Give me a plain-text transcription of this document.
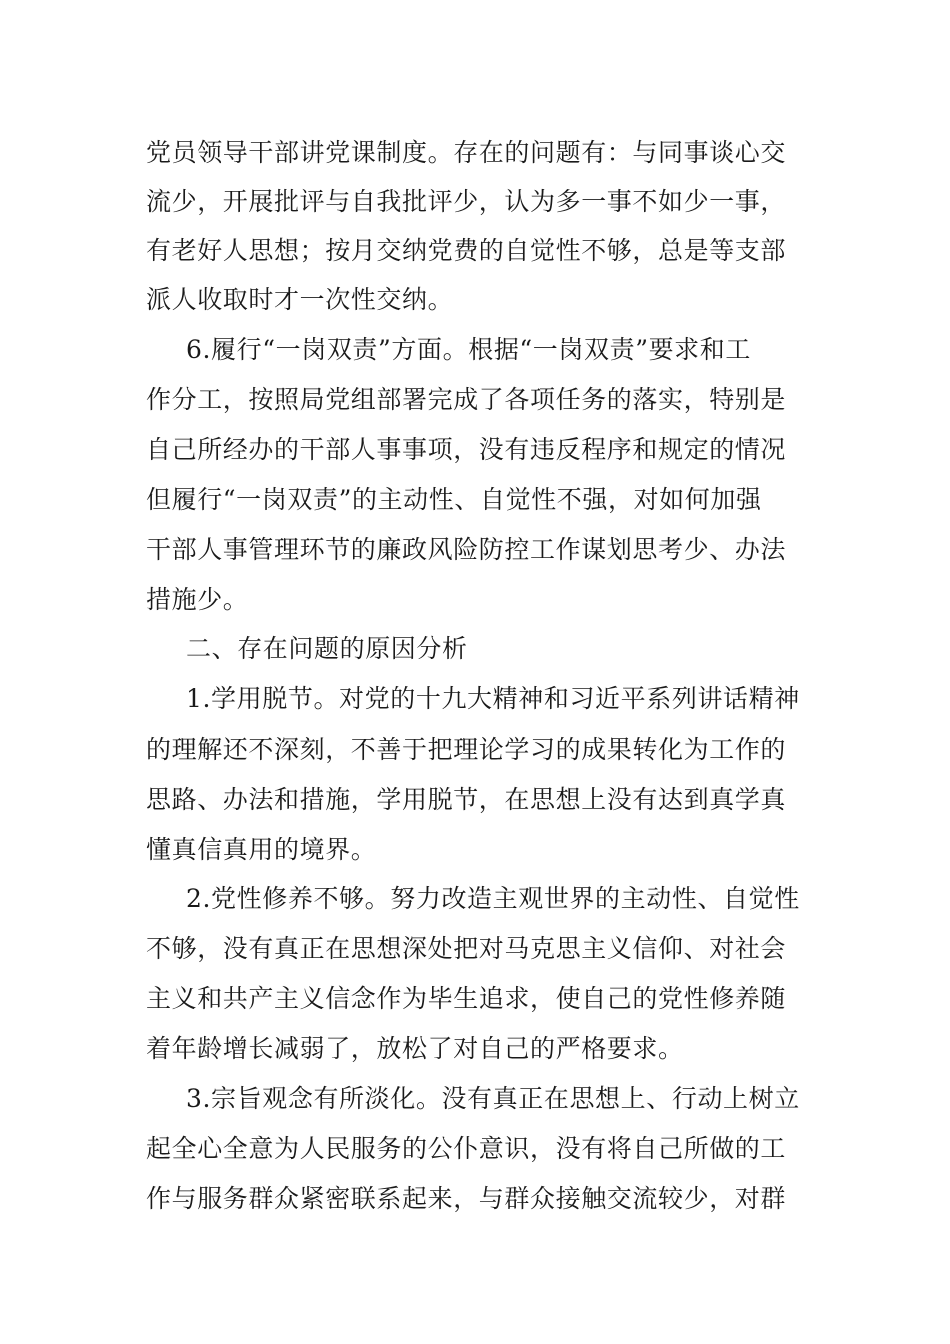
党员领导干部讲党课制度。存在的问题有：与同事谈心交
流少，开展批评与自我批评少，认为多一事不如少一事，
有老好人思想；按月交纳党费的自觉性不够，总是等支部
派人收取时才一次性交纳。
6.履行“一岗双责”方面。根据“一岗双责”要求和工
作分工，按照局党组部署完成了各项任务的落实，特别是
自己所经办的干部人事事项，没有违反程序和规定的情况
但履行“一岗双责”的主动性、自觉性不强，对如何加强
干部人事管理环节的廉政风险防控工作谋划思考少、办法
措施少。
二、存在问题的原因分析
1.学用脱节。对党的十九大精神和习近平系列讲话精神
的理解还不深刻，不善于把理论学习的成果转化为工作的
思路、办法和措施，学用脱节，在思想上没有达到真学真
懂真信真用的境界。
2.党性修养不够。努力改造主观世界的主动性、自觉性
不够，没有真正在思想深处把对马克思主义信仰、对社会
主义和共产主义信念作为毕生追求，使自己的党性修养随
着年龄增长减弱了，放松了对自己的严格要求。
3.宗旨观念有所淡化。没有真正在思想上、行动上树立
起全心全意为人民服务的公仆意识，没有将自己所做的工
作与服务群众紧密联系起来，与群众接触交流较少，对群
